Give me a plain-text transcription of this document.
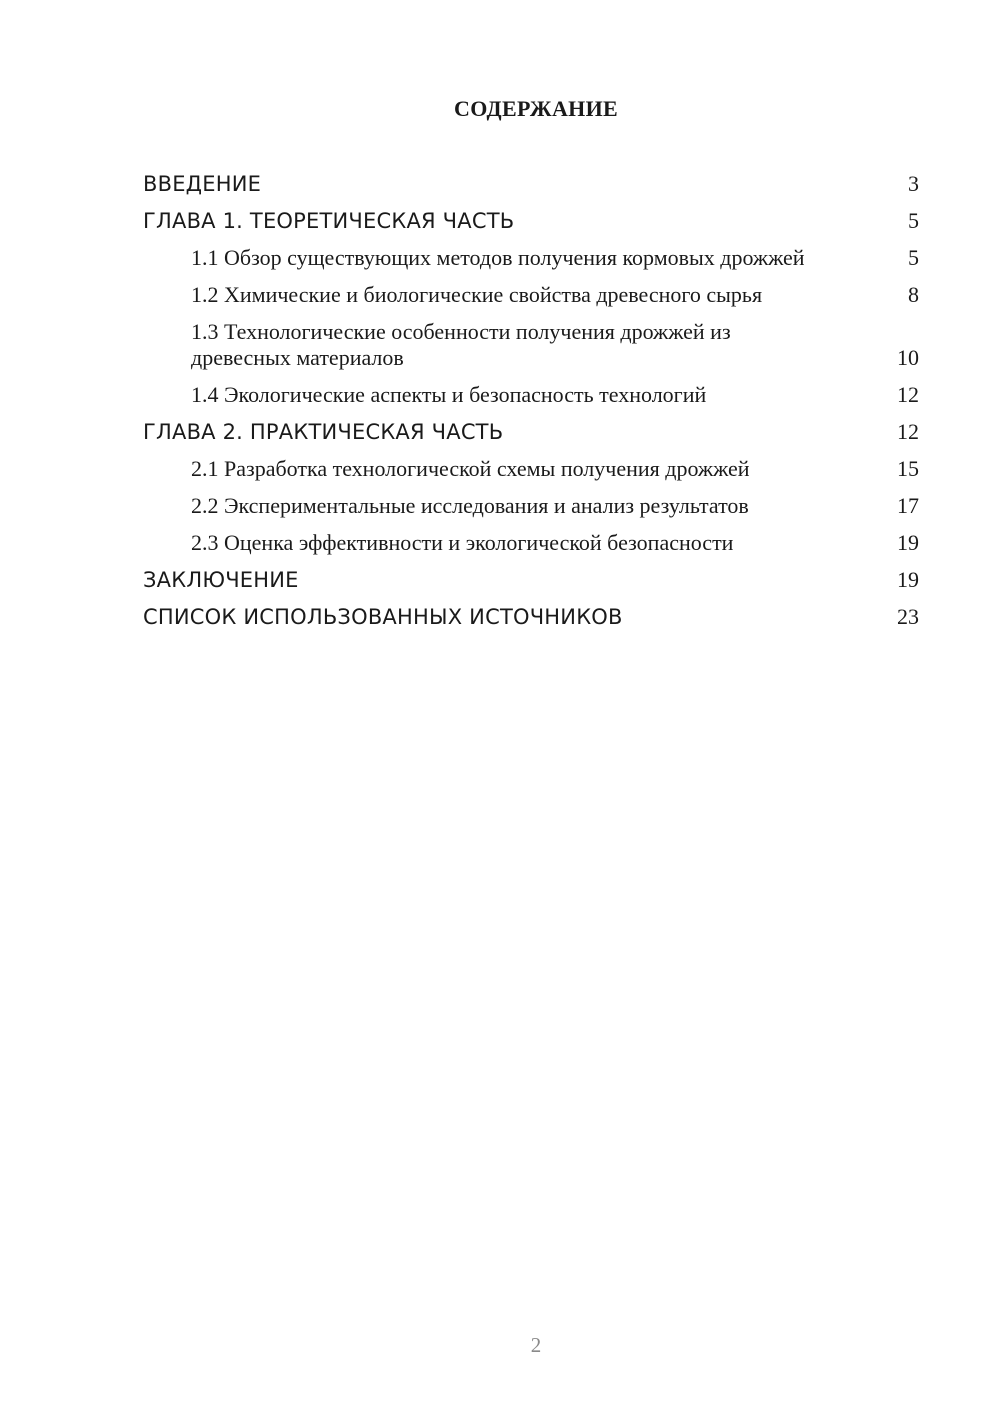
СОДЕРЖАНИЕ
ВВЕДЕНИЕ	3
ГЛАВА 1. ТЕОРЕТИЧЕСКАЯ ЧАСТЬ	5
1.1 Обзор существующих методов получения кормовых дрожжей	5
1.2 Химические и биологические свойства древесного сырья	8
1.3 Технологические особенности получения дрожжей из древесных материалов	10
1.4 Экологические аспекты и безопасность технологий	12
ГЛАВА 2. ПРАКТИЧЕСКАЯ ЧАСТЬ	12
2.1 Разработка технологической схемы получения дрожжей	15
2.2 Экспериментальные исследования и анализ результатов	17
2.3 Оценка эффективности и экологической безопасности	19
ЗАКЛЮЧЕНИЕ	19
СПИСОК ИСПОЛЬЗОВАННЫХ ИСТОЧНИКОВ	23
2
